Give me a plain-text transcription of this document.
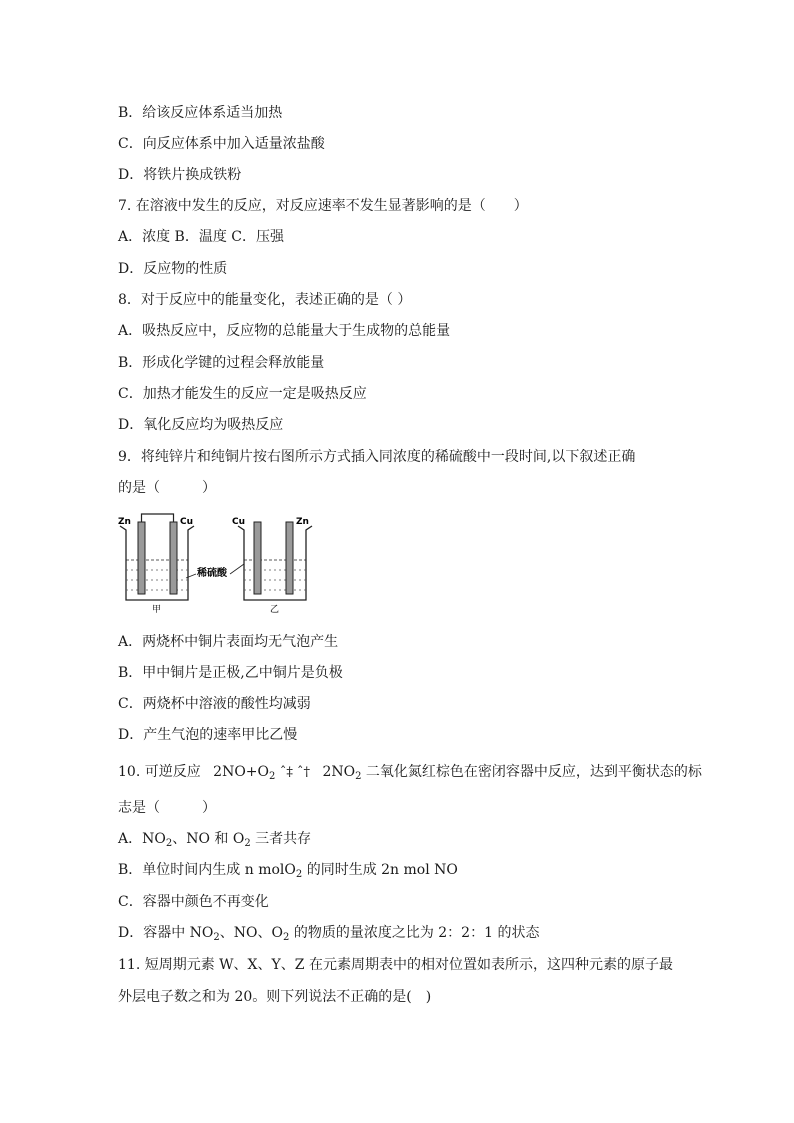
B．给该反应体系适当加热
C．向反应体系中加入适量浓盐酸
D．将铁片换成铁粉
7. 在溶液中发生的反应，对反应速率不发生显著影响的是（　　）
A．浓度 B．温度 C．压强
D．反应物的性质
8．对于反应中的能量变化，表述正确的是（ ）
A．吸热反应中，反应物的总能量大于生成物的总能量
B．形成化学键的过程会释放能量
C．加热才能发生的反应一定是吸热反应
D．氧化反应均为吸热反应
9．将纯锌片和纯铜片按右图所示方式插入同浓度的稀硫酸中一段时间,以下叙述正确
的是（　　　）
Zn	Cu	Cu	Zn
稀硫酸
甲	乙
A．两烧杯中铜片表面均无气泡产生
B．甲中铜片是正极,乙中铜片是负极
C．两烧杯中溶液的酸性均减弱
D．产生气泡的速率甲比乙慢
10. 可逆反应 $2NO+O_2$ ˆ‡ ˆ† $2NO_2$ 二氧化氮红棕色在密闭容器中反应，达到平衡状态的标
志是（　　　）
A．$NO_2$、NO 和 $O_2$ 三者共存
B．单位时间内生成 n molO$_2$ 的同时生成 2n mol NO
C．容器中颜色不再变化
D．容器中 $NO_2$、NO、$O_2$ 的物质的量浓度之比为 2：2：1 的状态
11. 短周期元素 W、X、Y、Z 在元素周期表中的相对位置如表所示，这四种元素的原子最
外层电子数之和为 20。则下列说法不正确的是(　)
